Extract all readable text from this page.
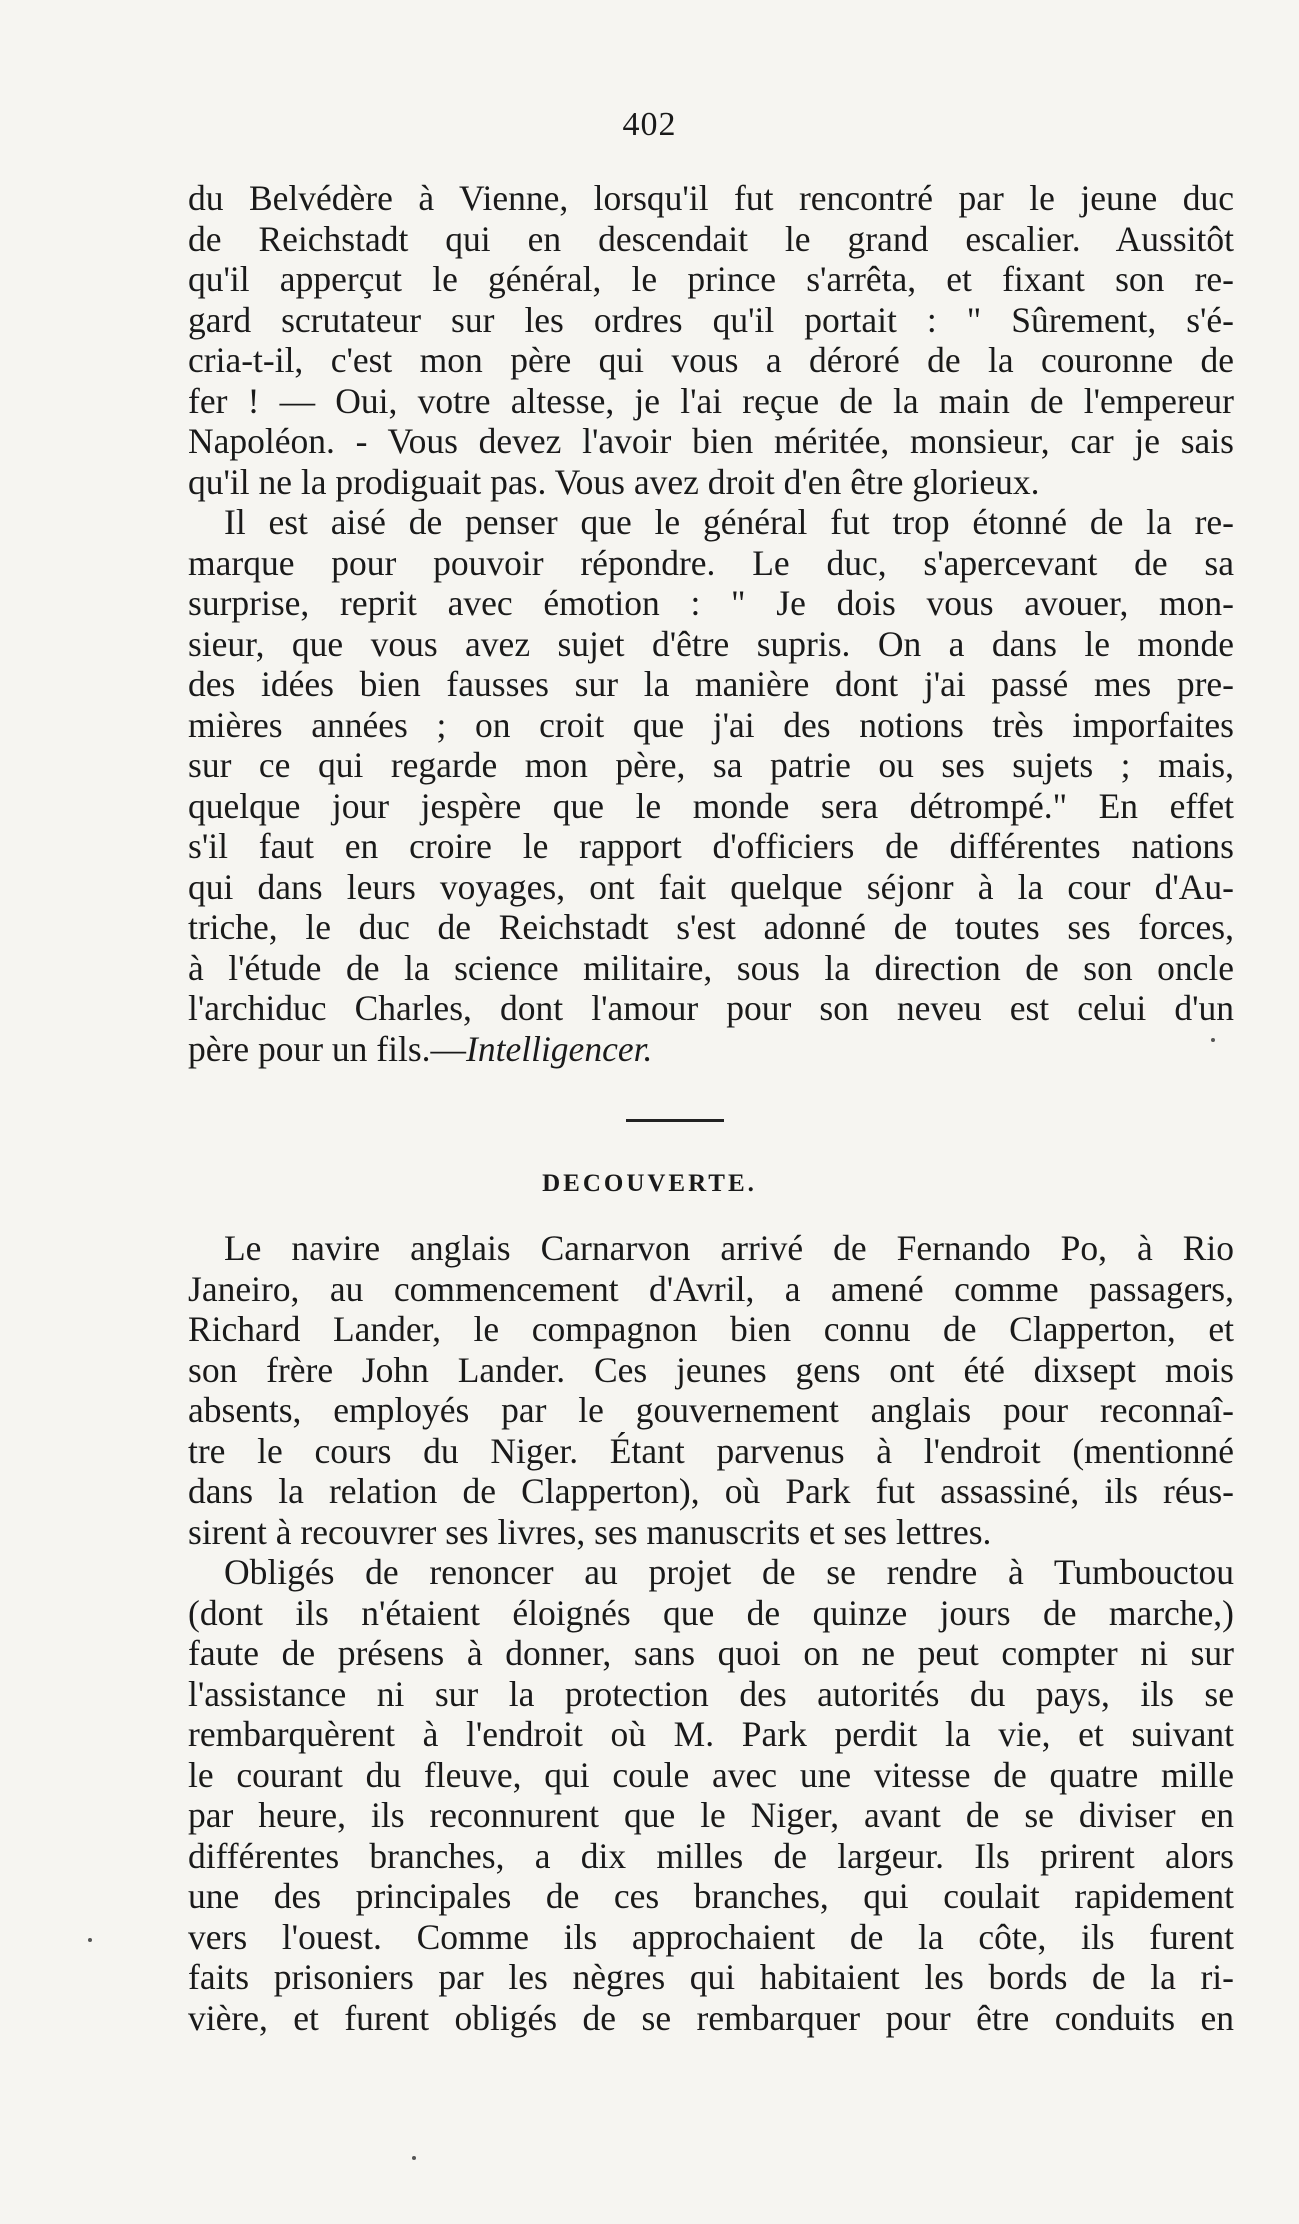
402
du Belvédère à Vienne, lorsqu'il fut rencontré par le jeune duc
de Reichstadt qui en descendait le grand escalier. Aussitôt
qu'il apperçut le général, le prince s'arrêta, et fixant son re-
gard scrutateur sur les ordres qu'il portait : " Sûrement, s'é-
cria-t-il, c'est mon père qui vous a déroré de la couronne de
fer ! — Oui, votre altesse, je l'ai reçue de la main de l'empereur
Napoléon. - Vous devez l'avoir bien méritée, monsieur, car je sais
qu'il ne la prodiguait pas. Vous avez droit d'en être glorieux.
Il est aisé de penser que le général fut trop étonné de la re-
marque pour pouvoir répondre. Le duc, s'apercevant de sa
surprise, reprit avec émotion : " Je dois vous avouer, mon-
sieur, que vous avez sujet d'être supris. On a dans le monde
des idées bien fausses sur la manière dont j'ai passé mes pre-
mières années ; on croit que j'ai des notions très imporfaites
sur ce qui regarde mon père, sa patrie ou ses sujets ; mais,
quelque jour jespère que le monde sera détrompé." En effet
s'il faut en croire le rapport d'officiers de différentes nations
qui dans leurs voyages, ont fait quelque séjonr à la cour d'Au-
triche, le duc de Reichstadt s'est adonné de toutes ses forces,
à l'étude de la science militaire, sous la direction de son oncle
l'archiduc Charles, dont l'amour pour son neveu est celui d'un
père pour un fils.—Intelligencer.
DECOUVERTE.
Le navire anglais Carnarvon arrivé de Fernando Po, à Rio
Janeiro, au commencement d'Avril, a amené comme passagers,
Richard Lander, le compagnon bien connu de Clapperton, et
son frère John Lander. Ces jeunes gens ont été dixsept mois
absents, employés par le gouvernement anglais pour reconnaî-
tre le cours du Niger. Étant parvenus à l'endroit (mentionné
dans la relation de Clapperton), où Park fut assassiné, ils réus-
sirent à recouvrer ses livres, ses manuscrits et ses lettres.
Obligés de renoncer au projet de se rendre à Tumbouctou
(dont ils n'étaient éloignés que de quinze jours de marche,)
faute de présens à donner, sans quoi on ne peut compter ni sur
l'assistance ni sur la protection des autorités du pays, ils se
rembarquèrent à l'endroit où M. Park perdit la vie, et suivant
le courant du fleuve, qui coule avec une vitesse de quatre mille
par heure, ils reconnurent que le Niger, avant de se diviser en
différentes branches, a dix milles de largeur. Ils prirent alors
une des principales de ces branches, qui coulait rapidement
vers l'ouest. Comme ils approchaient de la côte, ils furent
faits prisoniers par les nègres qui habitaient les bords de la ri-
vière, et furent obligés de se rembarquer pour être conduits en
